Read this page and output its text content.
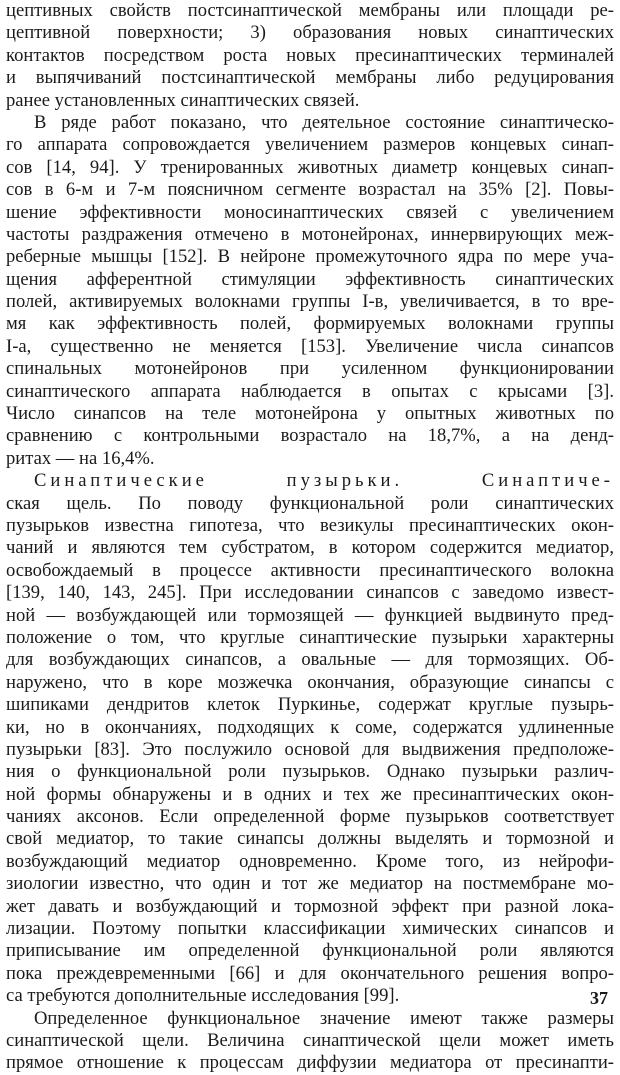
цептивных свойств постсинаптической мембраны или площади ре-
цептивной поверхности; 3) образования новых синаптических
контактов посредством роста новых пресинаптических терминалей
и выпячиваний постсинаптической мембраны либо редуцирования
ранее установленных синаптических связей.
В ряде работ показано, что деятельное состояние синаптическо-
го аппарата сопровождается увеличением размеров концевых синап-
сов [14, 94]. У тренированных животных диаметр концевых синап-
сов в 6-м и 7-м поясничном сегменте возрастал на 35% [2]. Повы-
шение эффективности моносинаптических связей с увеличением
частоты раздражения отмечено в мотонейронах, иннервирующих меж-
реберные мышцы [152]. В нейроне промежуточного ядра по мере уча-
щения афферентной стимуляции эффективность синаптических
полей, активируемых волокнами группы I-в, увеличивается, в то вре-
мя как эффективность полей, формируемых волокнами группы
I-а, существенно не меняется [153]. Увеличение числа синапсов
спинальных мотонейронов при усиленном функционировании
синаптического аппарата наблюдается в опытах с крысами [3].
Число синапсов на теле мотонейрона у опытных животных по
сравнению с контрольными возрастало на 18,7%, а на денд-
ритах — на 16,4%.
Синаптические пузырьки. Синаптиче-
ская щель. По поводу функциональной роли синаптических
пузырьков известна гипотеза, что везикулы пресинаптических окон-
чаний и являются тем субстратом, в котором содержится медиатор,
освобождаемый в процессе активности пресинаптического волокна
[139, 140, 143, 245]. При исследовании синапсов с заведомо извест-
ной — возбуждающей или тормозящей — функцией выдвинуто пред-
положение о том, что круглые синаптические пузырьки характерны
для возбуждающих синапсов, а овальные — для тормозящих. Об-
наружено, что в коре мозжечка окончания, образующие синапсы с
шипиками дендритов клеток Пуркинье, содержат круглые пузырь-
ки, но в окончаниях, подходящих к соме, содержатся удлиненные
пузырьки [83]. Это послужило основой для выдвижения предположе-
ния о функциональной роли пузырьков. Однако пузырьки различ-
ной формы обнаружены и в одних и тех же пресинаптических окон-
чаниях аксонов. Если определенной форме пузырьков соответствует
свой медиатор, то такие синапсы должны выделять и тормозной и
возбуждающий медиатор одновременно. Кроме того, из нейрофи-
зиологии известно, что один и тот же медиатор на постмембране мо-
жет давать и возбуждающий и тормозной эффект при разной лока-
лизации. Поэтому попытки классификации химических синапсов и
приписывание им определенной функциональной роли являются
пока преждевременными [66] и для окончательного решения вопро-
са требуются дополнительные исследования [99].
Определенное функциональное значение имеют также размеры
синаптической щели. Величина синаптической щели может иметь
прямое отношение к процессам диффузии медиатора от пресинапти-
37
